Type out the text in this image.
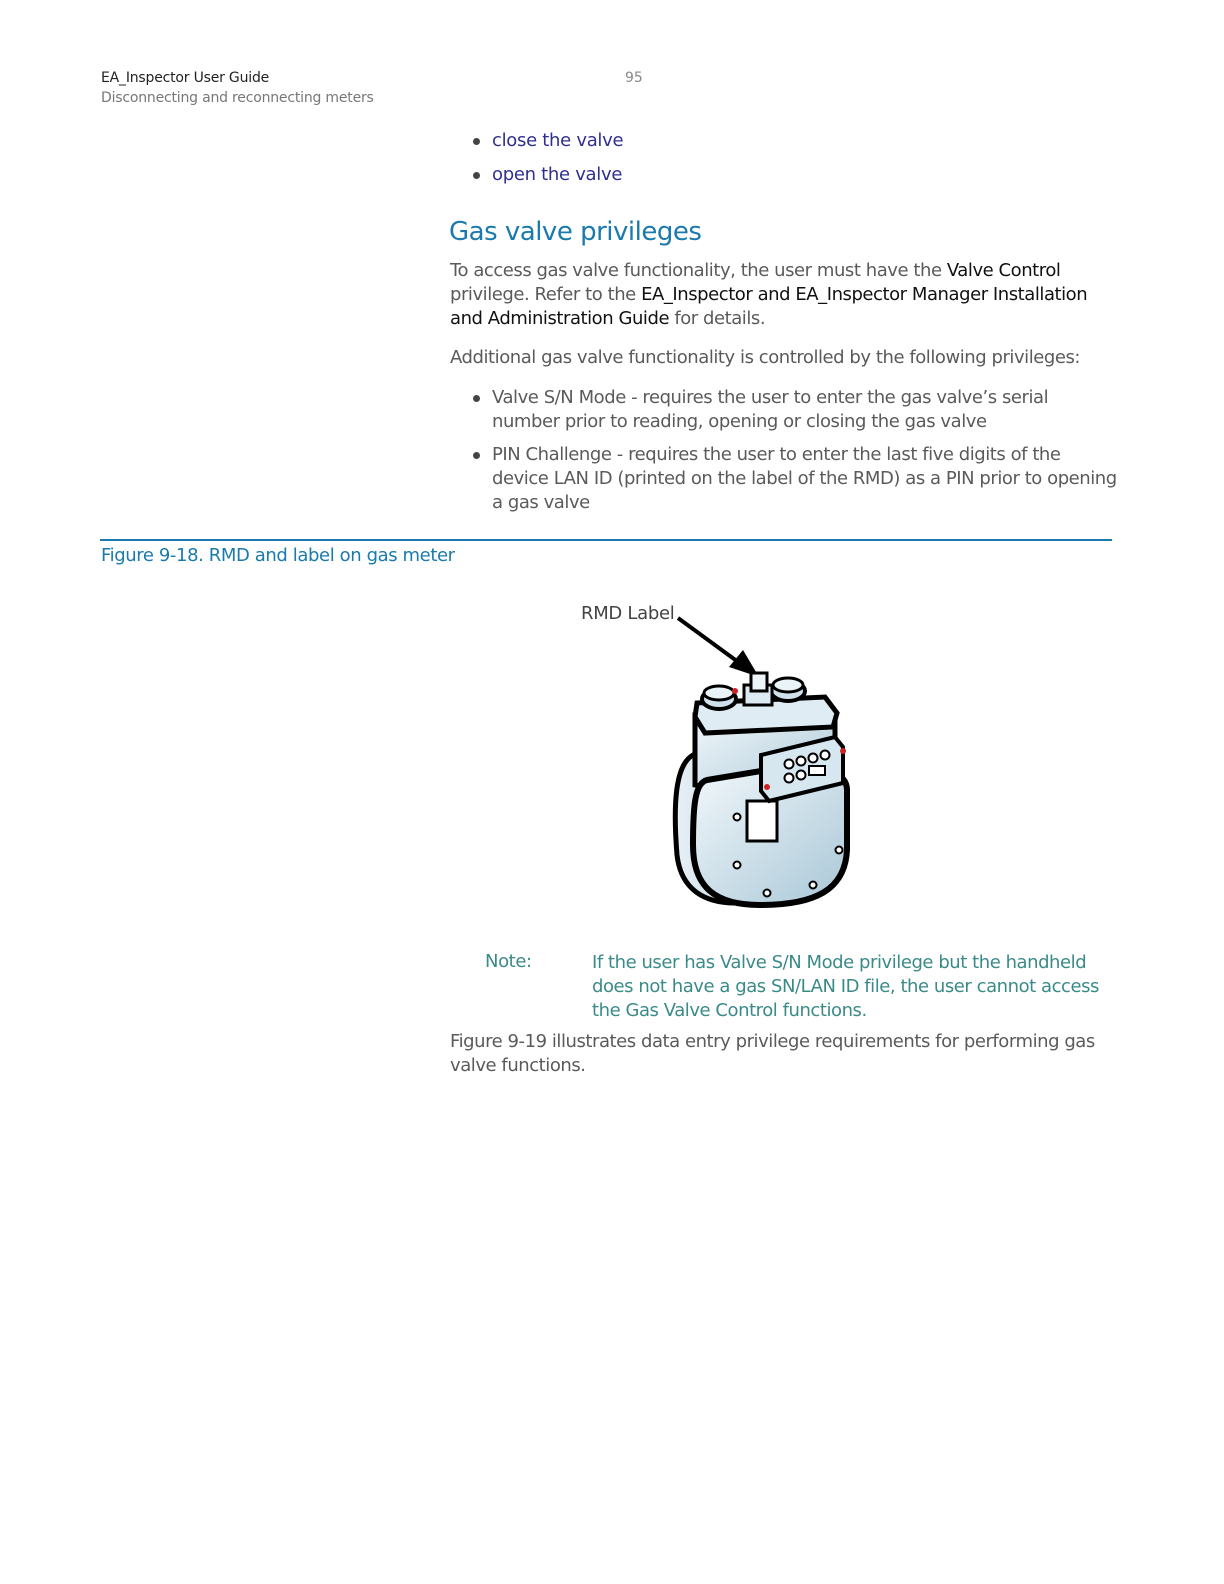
EA_Inspector User Guide
Disconnecting and reconnecting meters
95
close the valve
open the valve
Gas valve privileges
To access gas valve functionality, the user must have the Valve Control privilege. Refer to the EA_Inspector and EA_Inspector Manager Installation and Administration Guide for details.
Additional gas valve functionality is controlled by the following privileges:
Valve S/N Mode - requires the user to enter the gas valve’s serial number prior to reading, opening or closing the gas valve
PIN Challenge - requires the user to enter the last five digits of the device LAN ID (printed on the label of the RMD) as a PIN prior to opening a gas valve
Figure 9-18. RMD and label on gas meter
RMD Label
Note:	If the user has Valve S/N Mode privilege but the handheld does not have a gas SN/LAN ID file, the user cannot access the Gas Valve Control functions.
Figure 9-19 illustrates data entry privilege requirements for performing gas valve functions.
